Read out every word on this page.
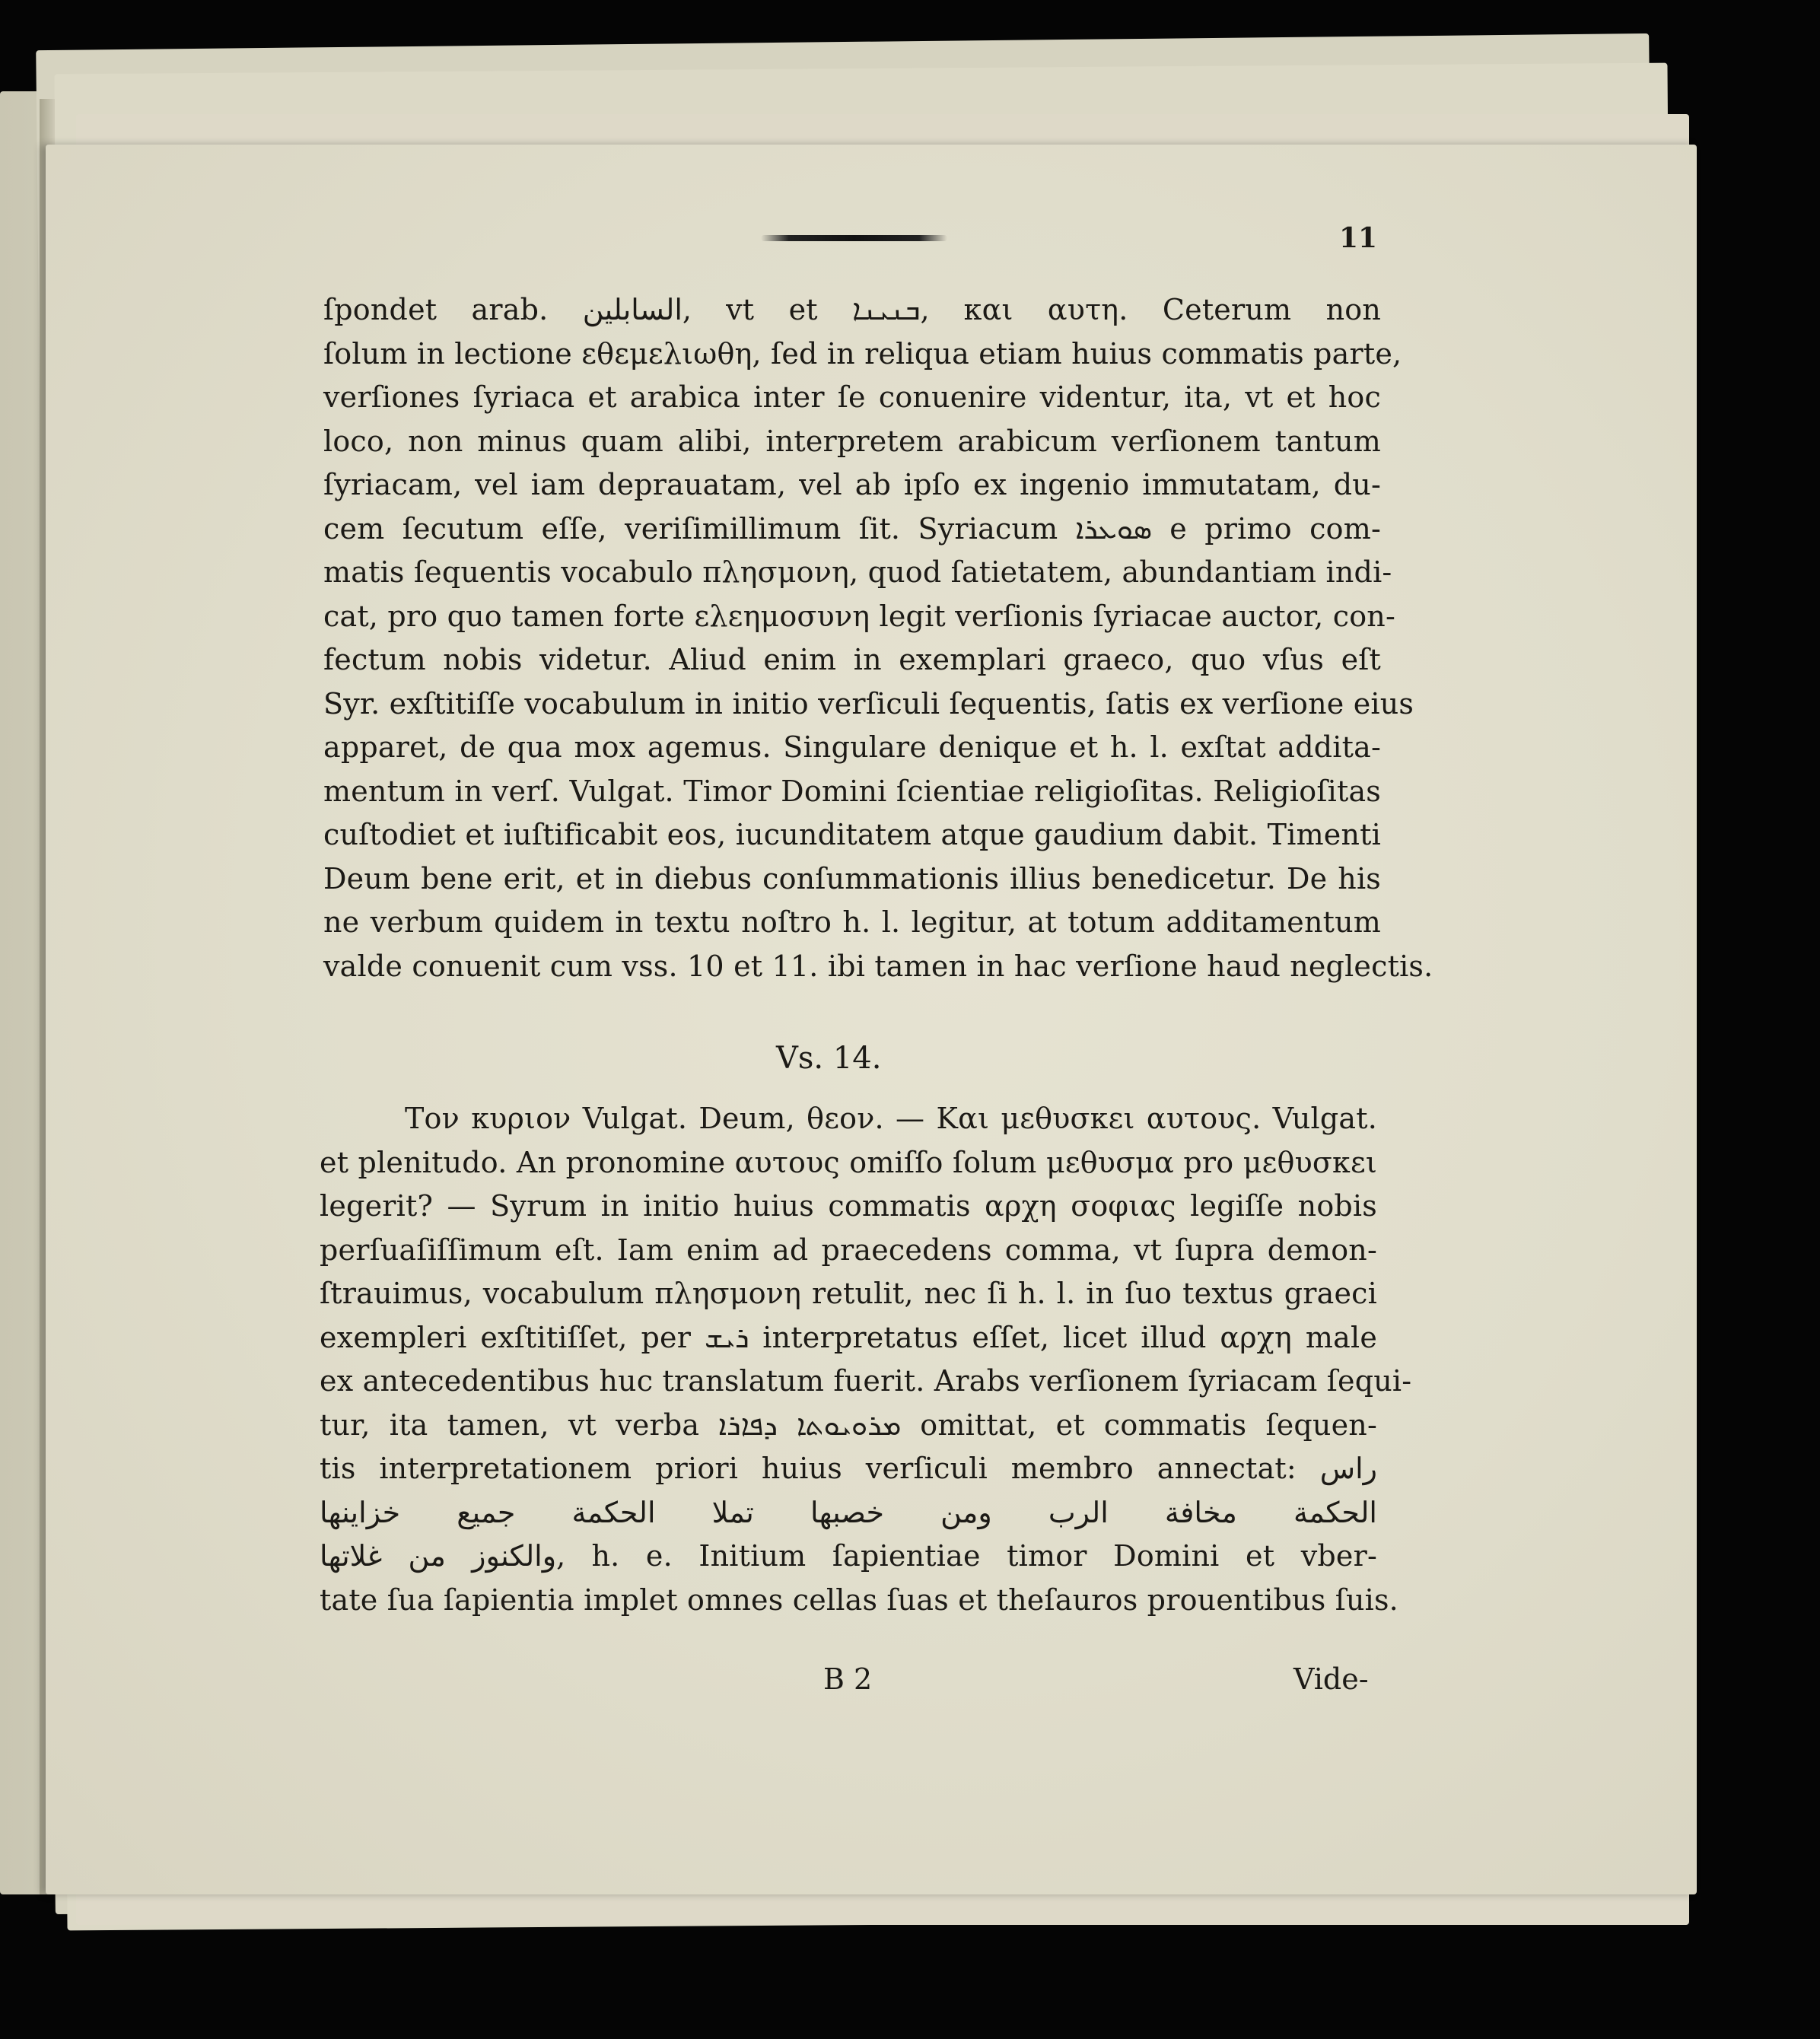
11
ſpondet arab. السابلين, vt et ܒܢܝܢܐ, και αυτη. Ceterum non
ſolum in lectione εθεμελιωθη, ſed in reliqua etiam huius commatis parte,
verſiones ſyriaca et arabica inter ſe conuenire videntur, ita, vt et hoc
loco, non minus quam alibi, interpretem arabicum verſionem tantum
ſyriacam, vel iam deprauatam, vel ab ipſo ex ingenio immutatam, du-
cem ſecutum eſſe, veriſimillimum ſit. Syriacum ܣܘܥܪܐ e primo com-
matis ſequentis vocabulo πλησμονη, quod ſatietatem, abundantiam indi-
cat, pro quo tamen forte ελεημοσυνη legit verſionis ſyriacae auctor, con-
fectum nobis videtur. Aliud enim in exemplari graeco, quo vſus eſt
Syr. exſtitiſſe vocabulum in initio verſiculi ſequentis, ſatis ex verſione eius
apparet, de qua mox agemus. Singulare denique et h. l. exſtat addita-
mentum in verſ. Vulgat. Timor Domini ſcientiae religioſitas. Religioſitas
cuſtodiet et iuſtificabit eos, iucunditatem atque gaudium dabit. Timenti
Deum bene erit, et in diebus conſummationis illius benedicetur. De his
ne verbum quidem in textu noſtro h. l. legitur, at totum additamentum
valde conuenit cum vss. 10 et 11. ibi tamen in hac verſione haud neglectis.
Vs. 14.
Τον κυριον Vulgat. Deum, θεον. — Και μεθυσκει αυτους. Vulgat.
et plenitudo. An pronomine αυτους omiſſo ſolum μεθυσμα pro μεθυσκει
legerit? — Syrum in initio huius commatis αρχη σοφιας legiſſe nobis
perſuaſiſſimum eſt. Iam enim ad praecedens comma, vt ſupra demon-
ſtrauimus, vocabulum πλησμονη retulit, nec ſi h. l. in ſuo textus graeci
exempleri exſtitiſſet, per ܪܝܫ interpretatus eſſet, licet illud αρχη male
ex antecedentibus huc translatum fuerit. Arabs verſionem ſyriacam ſequi-
tur, ita tamen, vt verba ܡܪܘܝܘܬܐ ܕܦܐܪܐ omittat, et commatis ſequen-
tis interpretationem priori huius verſiculi membro annectat: راس
الحكمة مخافة الرب ومن خصبها تملا الحكمة جميع خزاينها
والكنوز من غلاتها, h. e. Initium ſapientiae timor Domini et vber-
tate ſua ſapientia implet omnes cellas ſuas et theſauros prouentibus ſuis.
B 2	Vide-
